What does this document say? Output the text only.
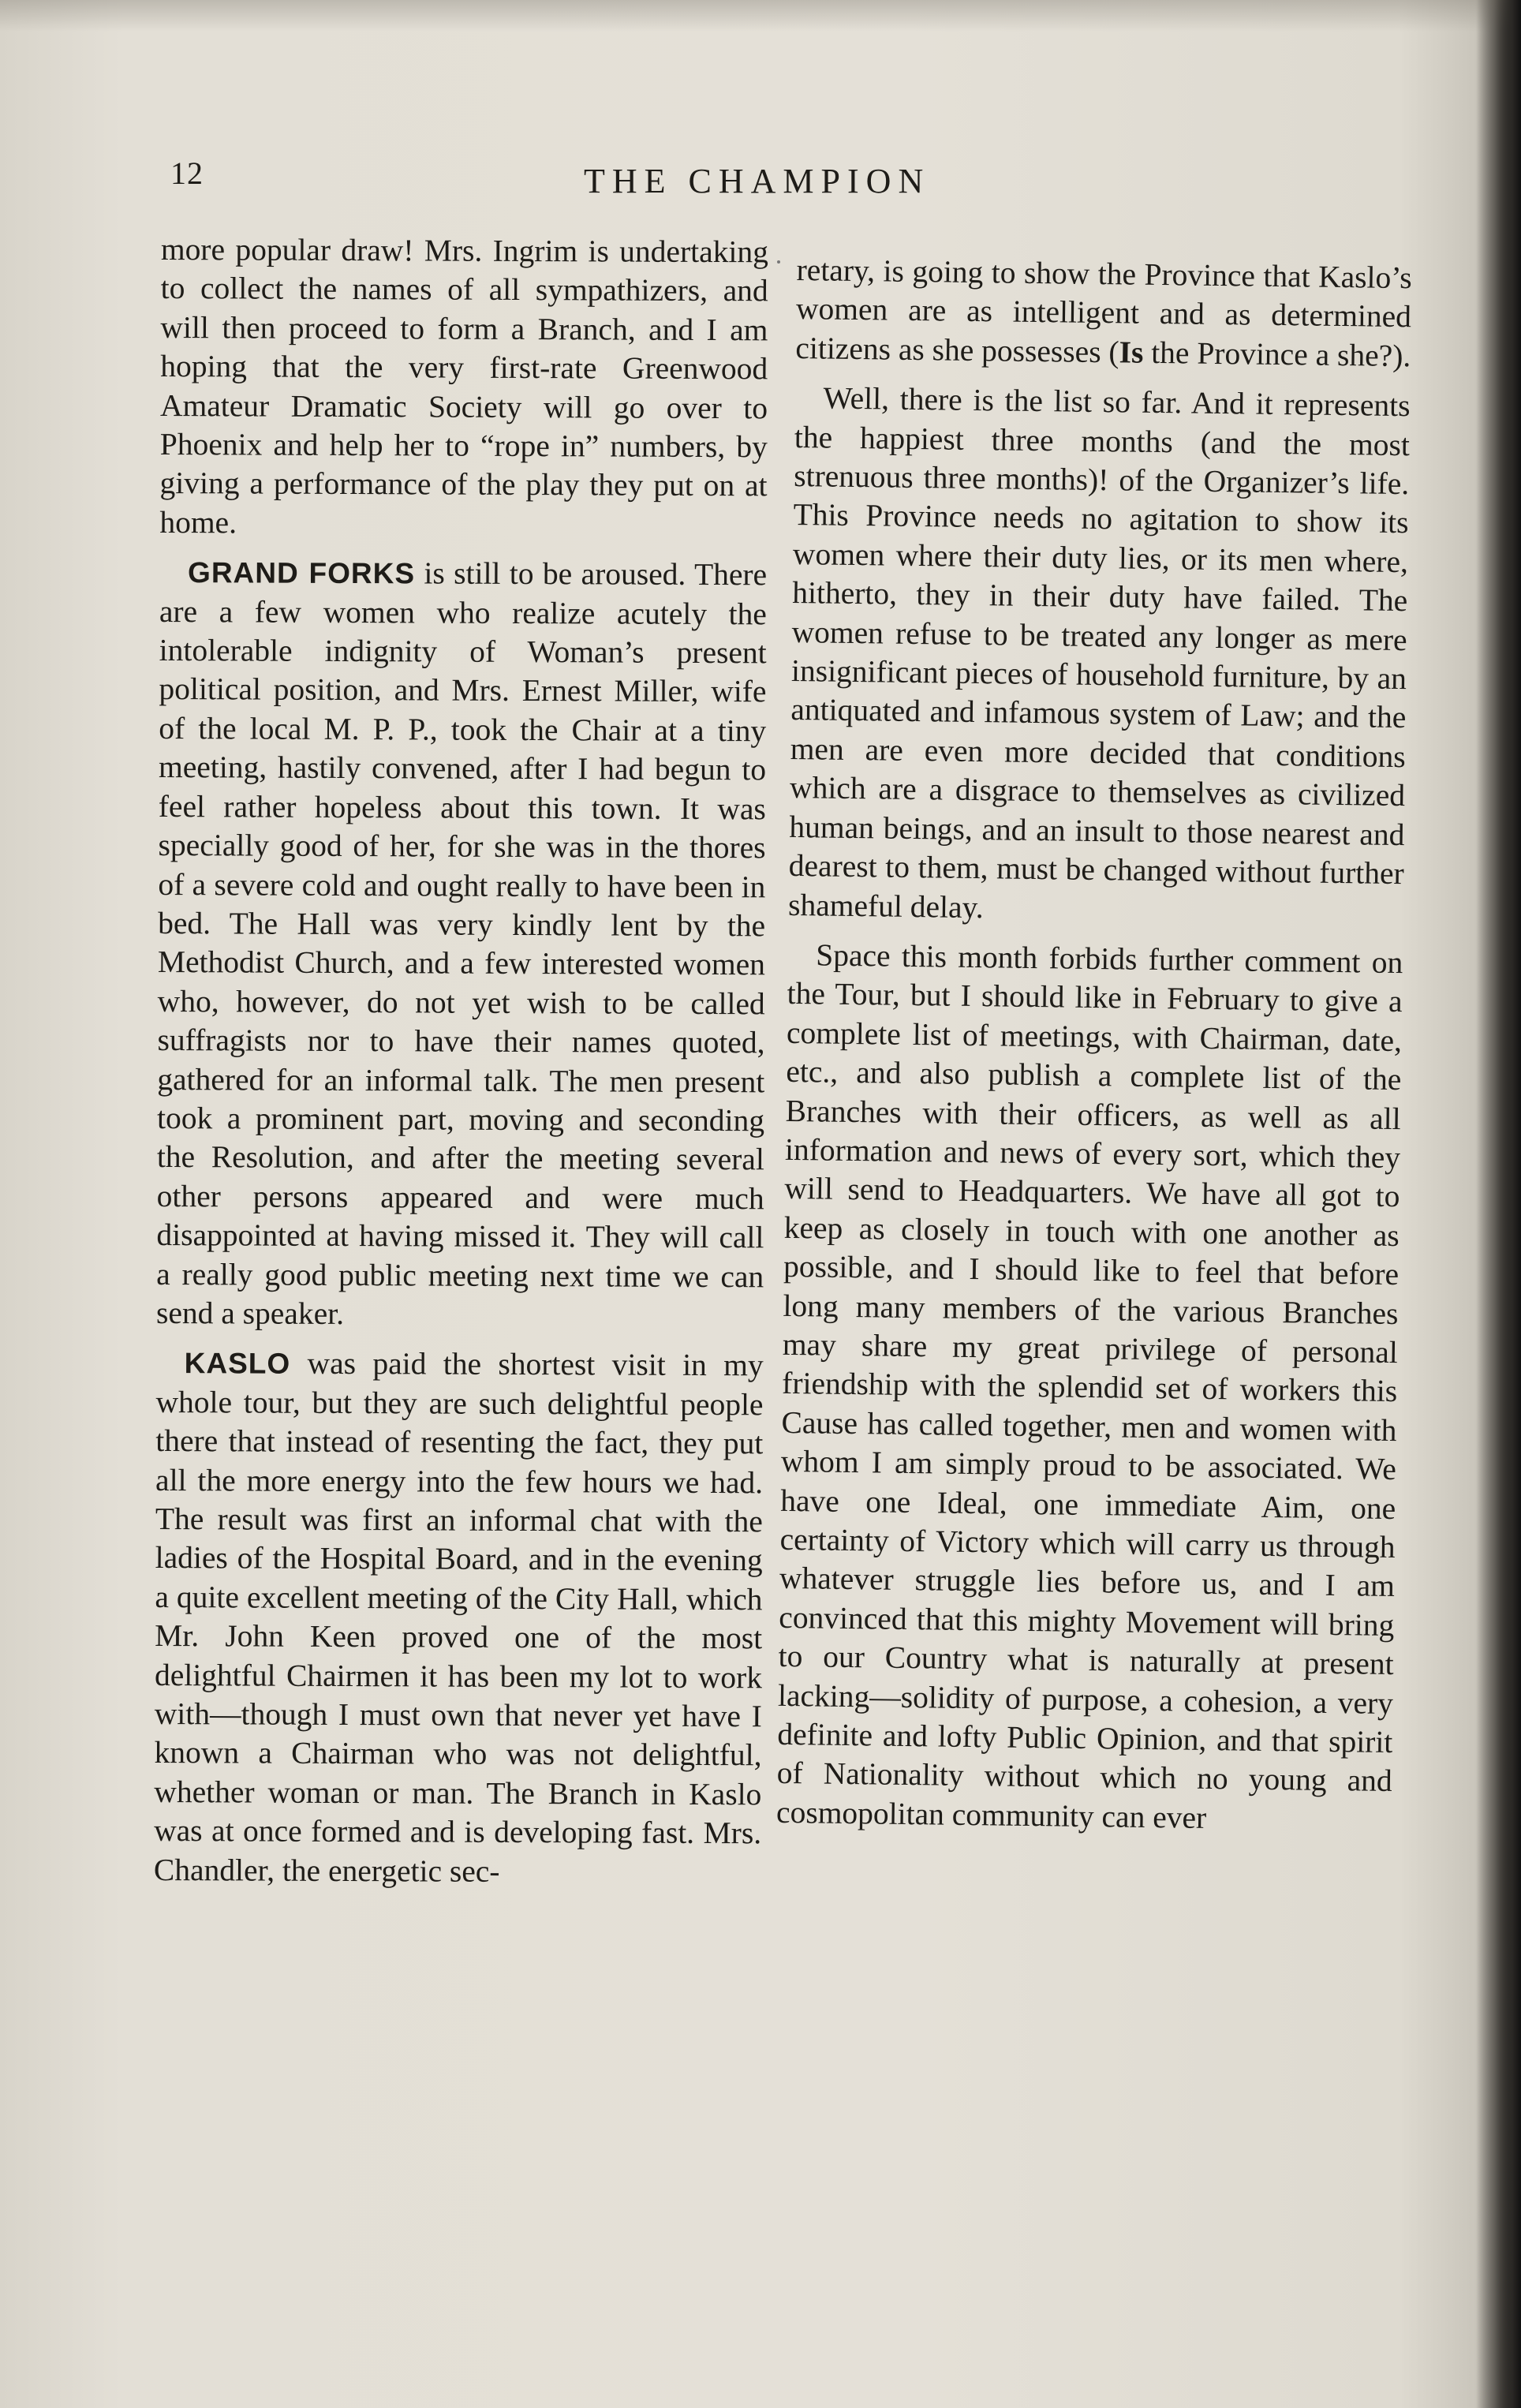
12	THE CHAMPION

more popular draw! Mrs. Ingrim is undertaking to collect the names of all sympathizers, and will then proceed to form a Branch, and I am hoping that the very first-rate Greenwood Amateur Dramatic Society will go over to Phoenix and help her to “rope in” numbers, by giving a performance of the play they put on at home.

GRAND FORKS is still to be aroused. There are a few women who realize acutely the intolerable indignity of Woman’s present political position, and Mrs. Ernest Miller, wife of the local M. P. P., took the Chair at a tiny meeting, hastily convened, after I had begun to feel rather hopeless about this town. It was specially good of her, for she was in the thores of a severe cold and ought really to have been in bed. The Hall was very kindly lent by the Methodist Church, and a few interested women who, however, do not yet wish to be called suffragists nor to have their names quoted, gathered for an informal talk. The men present took a prominent part, moving and seconding the Resolution, and after the meeting several other persons appeared and were much disappointed at having missed it. They will call a really good public meeting next time we can send a speaker.

KASLO was paid the shortest visit in my whole tour, but they are such delightful people there that instead of resenting the fact, they put all the more energy into the few hours we had. The result was first an informal chat with the ladies of the Hospital Board, and in the evening a quite excellent meeting of the City Hall, which Mr. John Keen proved one of the most delightful Chairmen it has been my lot to work with—though I must own that never yet have I known a Chairman who was not delightful, whether woman or man. The Branch in Kaslo was at once formed and is developing fast. Mrs. Chandler, the energetic sec-

retary, is going to show the Province that Kaslo’s women are as intelligent and as determined citizens as she possesses (Is the Province a she?).

Well, there is the list so far. And it represents the happiest three months (and the most strenuous three months)! of the Organizer’s life. This Province needs no agitation to show its women where their duty lies, or its men where, hitherto, they in their duty have failed. The women refuse to be treated any longer as mere insignificant pieces of household furniture, by an antiquated and infamous system of Law; and the men are even more decided that conditions which are a disgrace to themselves as civilized human beings, and an insult to those nearest and dearest to them, must be changed without further shameful delay.

Space this month forbids further comment on the Tour, but I should like in February to give a complete list of meetings, with Chairman, date, etc., and also publish a complete list of the Branches with their officers, as well as all information and news of every sort, which they will send to Headquarters. We have all got to keep as closely in touch with one another as possible, and I should like to feel that before long many members of the various Branches may share my great privilege of personal friendship with the splendid set of workers this Cause has called together, men and women with whom I am simply proud to be associated. We have one Ideal, one immediate Aim, one certainty of Victory which will carry us through whatever struggle lies before us, and I am convinced that this mighty Movement will bring to our Country what is naturally at present lacking—solidity of purpose, a cohesion, a very definite and lofty Public Opinion, and that spirit of Nationality without which no young and cosmopolitan community can ever
